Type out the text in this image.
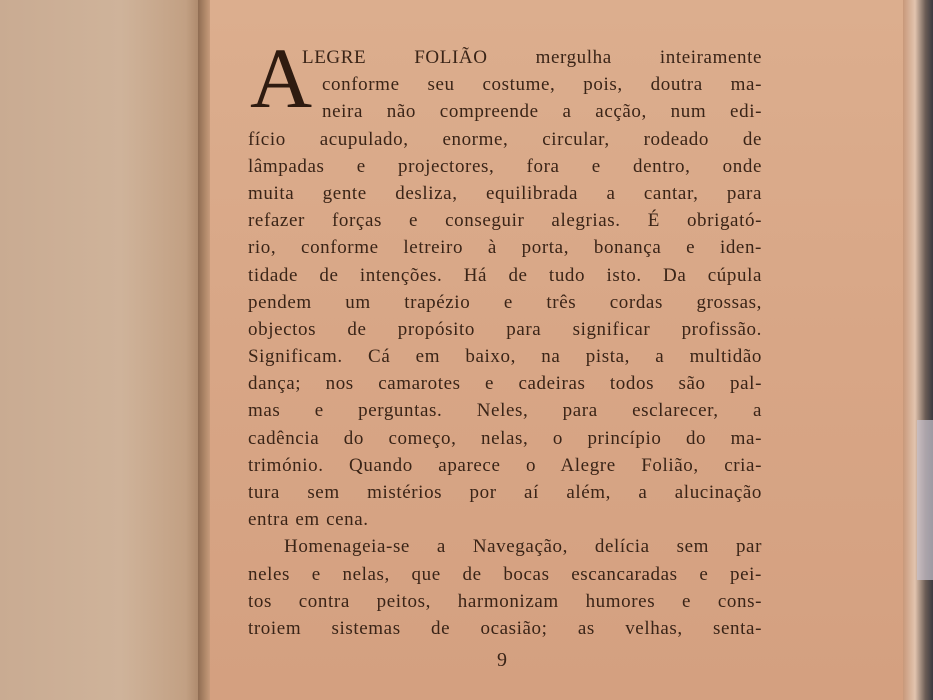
A
LEGRE FOLIÃO mergulha inteiramente
conforme seu costume, pois, doutra ma-
neira não compreende a acção, num edi-
fício acupulado, enorme, circular, rodeado de
lâmpadas e projectores, fora e dentro, onde
muita gente desliza, equilibrada a cantar, para
refazer forças e conseguir alegrias. É obrigató-
rio, conforme letreiro à porta, bonança e iden-
tidade de intenções. Há de tudo isto. Da cúpula
pendem um trapézio e três cordas grossas,
objectos de propósito para significar profissão.
Significam. Cá em baixo, na pista, a multidão
dança; nos camarotes e cadeiras todos são pal-
mas e perguntas. Neles, para esclarecer, a
cadência do começo, nelas, o princípio do ma-
trimónio. Quando aparece o Alegre Folião, cria-
tura sem mistérios por aí além, a alucinação
entra em cena.
Homenageia-se a Navegação, delícia sem par
neles e nelas, que de bocas escancaradas e pei-
tos contra peitos, harmonizam humores e cons-
troiem sistemas de ocasião; as velhas, senta-
9
